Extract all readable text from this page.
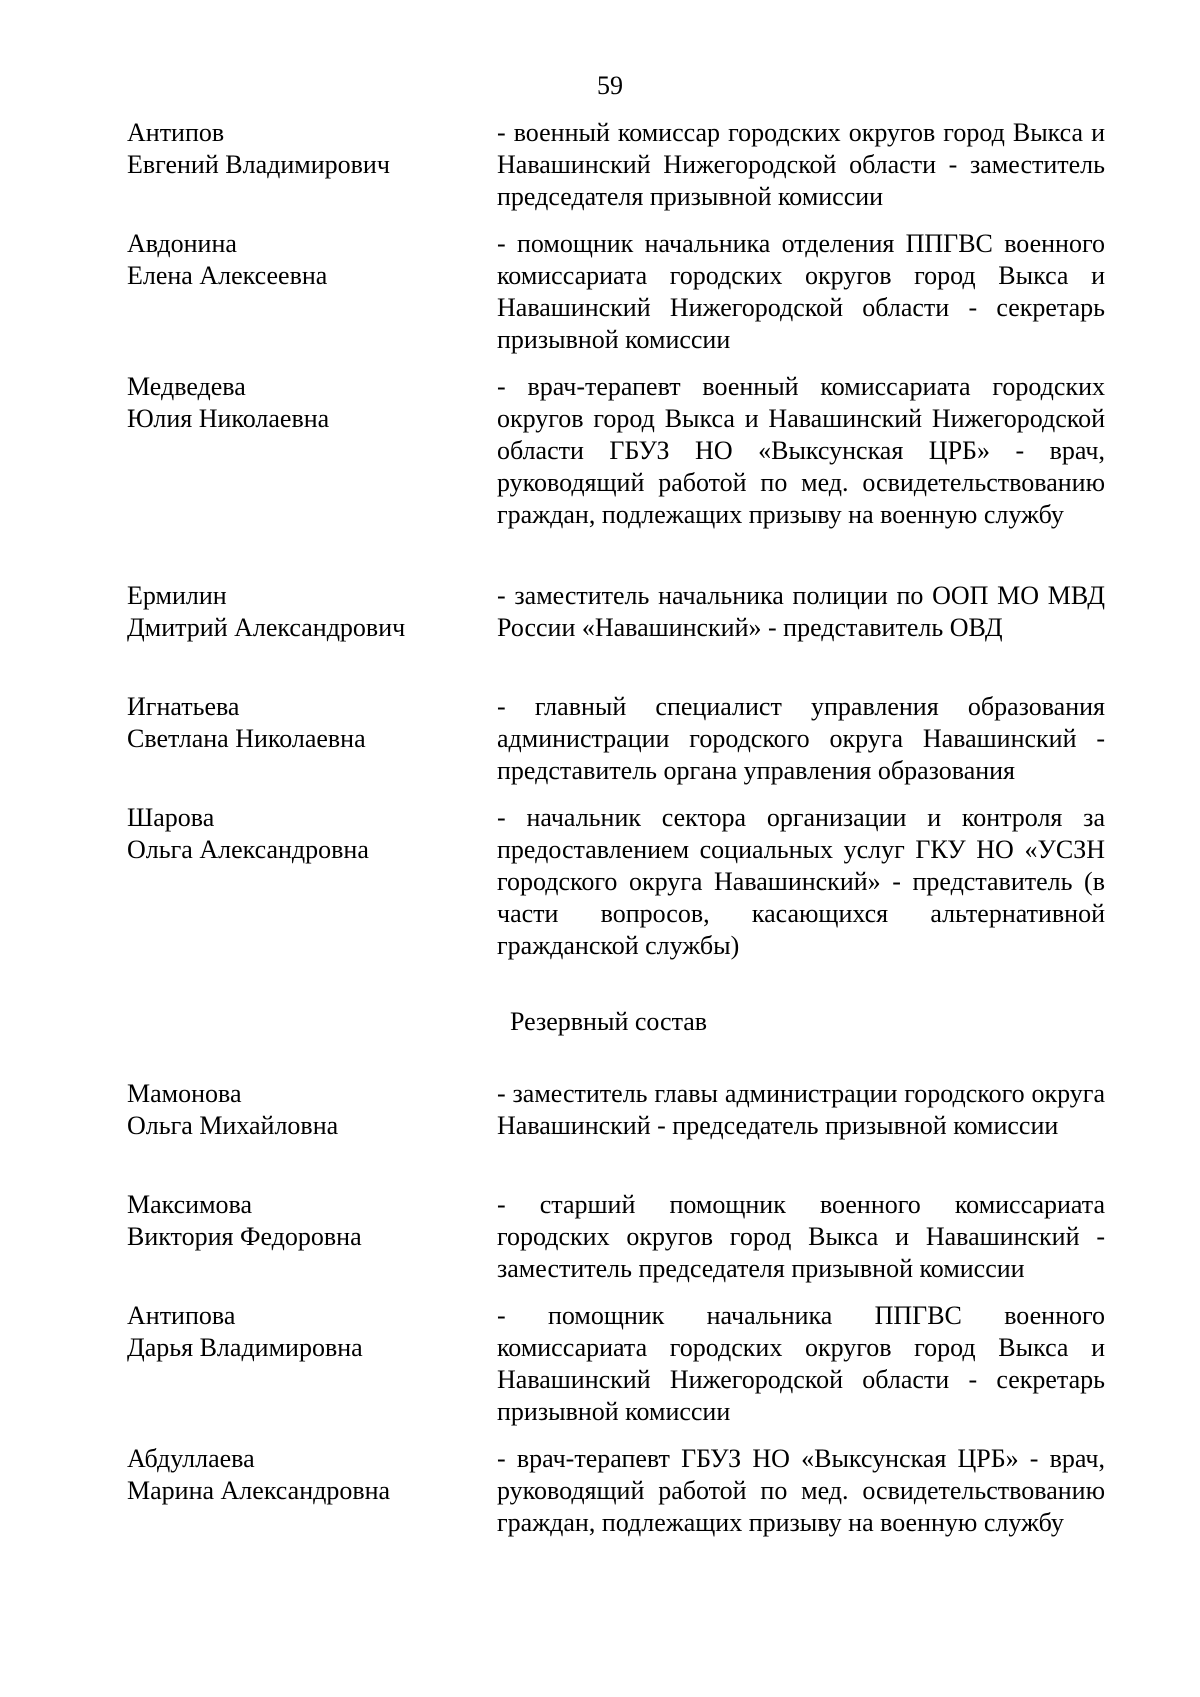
59
Антипов
Евгений Владимирович
- военный комиссар городских округов город Выкса и Навашинский Нижегородской области - заместитель председателя призывной комиссии
Авдонина
Елена Алексеевна
- помощник начальника отделения ППГВС военного комиссариата городских округов город Выкса и Навашинский Нижегородской области - секретарь призывной комиссии
Медведева
Юлия Николаевна
- врач-терапевт военный комиссариата городских округов город Выкса и Навашинский Нижегородской области ГБУЗ НО «Выксунская ЦРБ» - врач, руководящий работой по мед. освидетельствованию граждан, подлежащих призыву на военную службу
Ермилин
Дмитрий Александрович
- заместитель начальника полиции по ООП МО МВД России «Навашинский» - представитель ОВД
Игнатьева
Светлана Николаевна
- главный специалист управления образования администрации городского округа Навашинский - представитель органа управления образования
Шарова
Ольга Александровна
- начальник сектора организации и контроля за предоставлением социальных услуг ГКУ НО «УСЗН городского округа Навашинский» - представитель (в части вопросов, касающихся альтернативной гражданской службы)
Резервный состав
Мамонова
Ольга Михайловна
- заместитель главы администрации городского округа Навашинский - председатель призывной комиссии
Максимова
Виктория Федоровна
- старший помощник военного комиссариата городских округов город Выкса и Навашинский - заместитель председателя призывной комиссии
Антипова
Дарья Владимировна
- помощник начальника ППГВС военного комиссариата городских округов город Выкса и Навашинский Нижегородской области - секретарь призывной комиссии
Абдуллаева
Марина Александровна
- врач-терапевт ГБУЗ НО «Выксунская ЦРБ» - врач, руководящий работой по мед. освидетельствованию граждан, подлежащих призыву на военную службу
